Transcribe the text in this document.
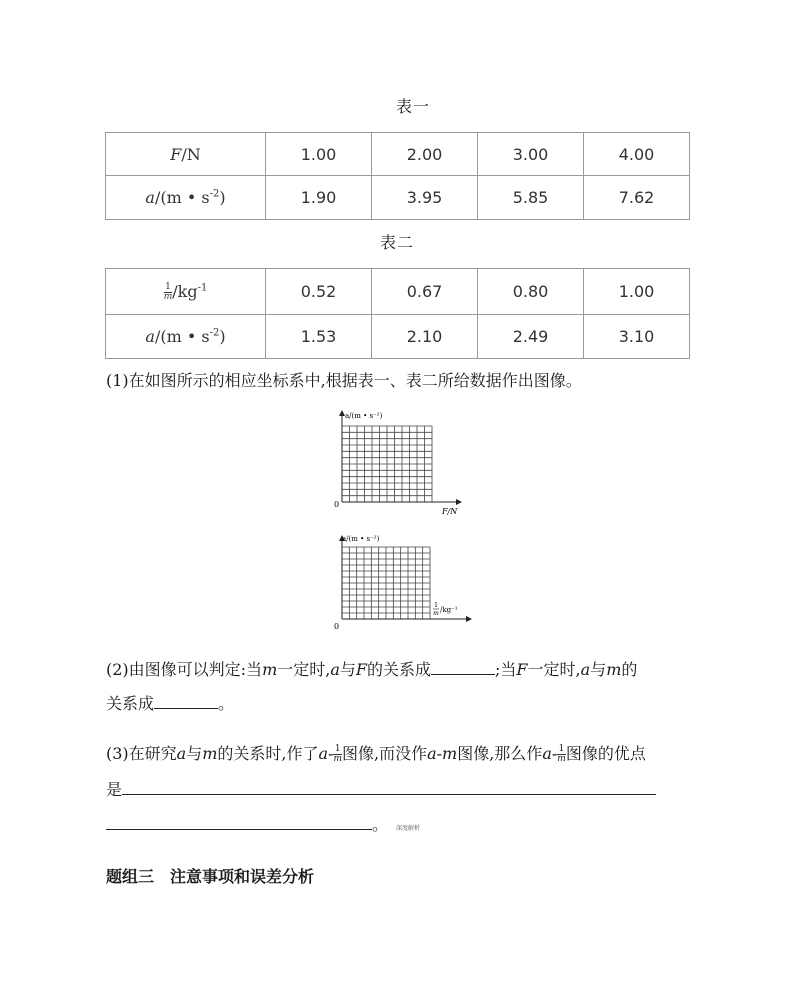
表一
F/N	1.00	2.00	3.00	4.00
a/(m • $s^{-2}$)	1.90	3.95	5.85	7.62
表二
$\frac{1}{m} /kg^{-1}$	0.52	0.67	0.80	1.00
a/(m • $s^{-2}$)	1.53	2.10	2.49	3.10
(1)在如图所示的相应坐标系中,根据表一、表二所给数据作出图像。
a/(m • s⁻²)
0
F/N
a/(m • s⁻²)
0
1
m /kg⁻¹
(2)由图像可以判定:当m一定时,a与F的关系成	;当F一定时,a与m的
关系成	。
(3)在研究a与m的关系时,作了$a- \frac{1}{m}$ 图像,而没作a-m图像,那么作$a- \frac{1}{m}$ 图像的优点
是
。 深度解析
题组三　注意事项和误差分析
